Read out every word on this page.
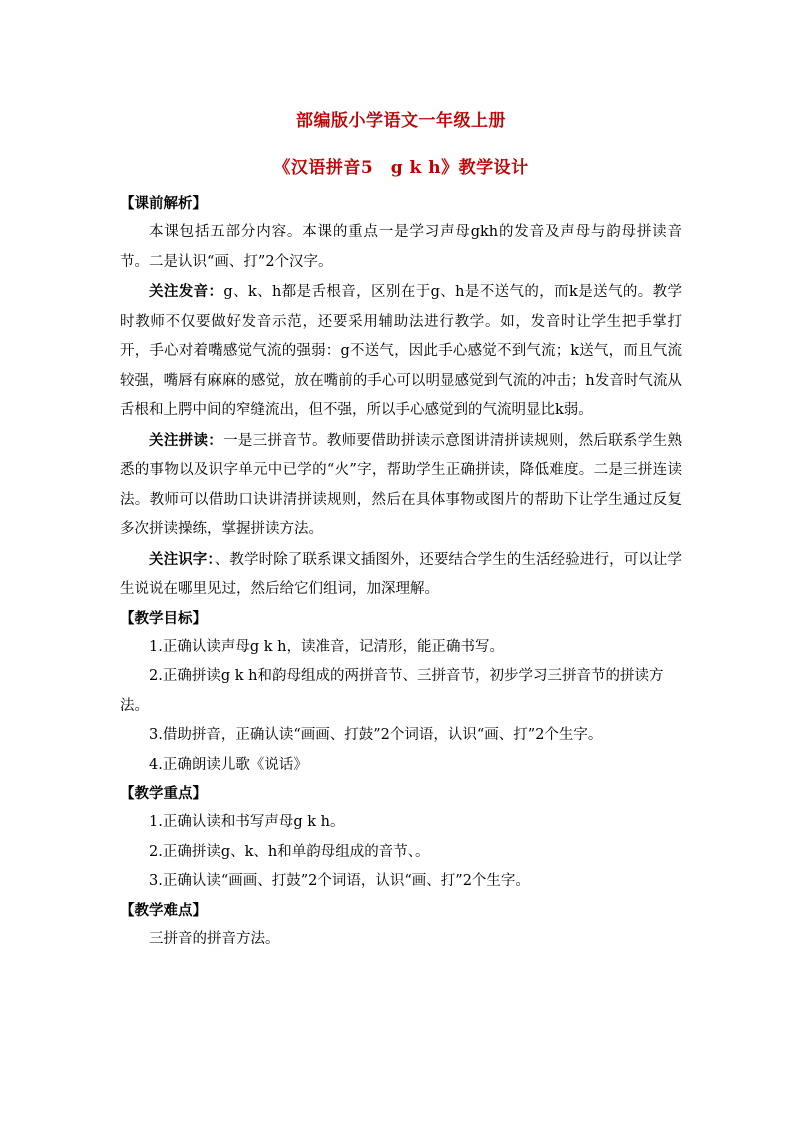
部编版小学语文一年级上册
《汉语拼音5　g k h》教学设计
【课前解析】

本课包括五部分内容。本课的重点一是学习声母gkh的发音及声母与韵母拼读音节。二是认识“画、打”2个汉字。

关注发音：g、k、h都是舌根音，区别在于g、h是不送气的，而k是送气的。教学时教师不仅要做好发音示范，还要采用辅助法进行教学。如，发音时让学生把手掌打开，手心对着嘴感觉气流的强弱：g不送气，因此手心感觉不到气流；k送气，而且气流较强，嘴唇有麻麻的感觉，放在嘴前的手心可以明显感觉到气流的冲击；h发音时气流从舌根和上腭中间的窄缝流出，但不强，所以手心感觉到的气流明显比k弱。

关注拼读：一是三拼音节。教师要借助拼读示意图讲清拼读规则，然后联系学生熟悉的事物以及识字单元中已学的“火”字，帮助学生正确拼读，降低难度。二是三拼连读法。教师可以借助口诀讲清拼读规则，然后在具体事物或图片的帮助下让学生通过反复多次拼读操练，掌握拼读方法。

关注识字：、教学时除了联系课文插图外，还要结合学生的生活经验进行，可以让学生说说在哪里见过，然后给它们组词，加深理解。

【教学目标】

1.正确认读声母g k h，读准音，记清形，能正确书写。

2.正确拼读g k h和韵母组成的两拼音节、三拼音节，初步学习三拼音节的拼读方法。

3.借助拼音，正确认读“画画、打鼓”2个词语，认识“画、打”2个生字。

4.正确朗读儿歌《说话》

【教学重点】

1.正确认读和书写声母g k h。

2.正确拼读g、k、h和单韵母组成的音节、。

3.正确认读“画画、打鼓”2个词语，认识“画、打”2个生字。

【教学难点】

三拼音的拼音方法。
